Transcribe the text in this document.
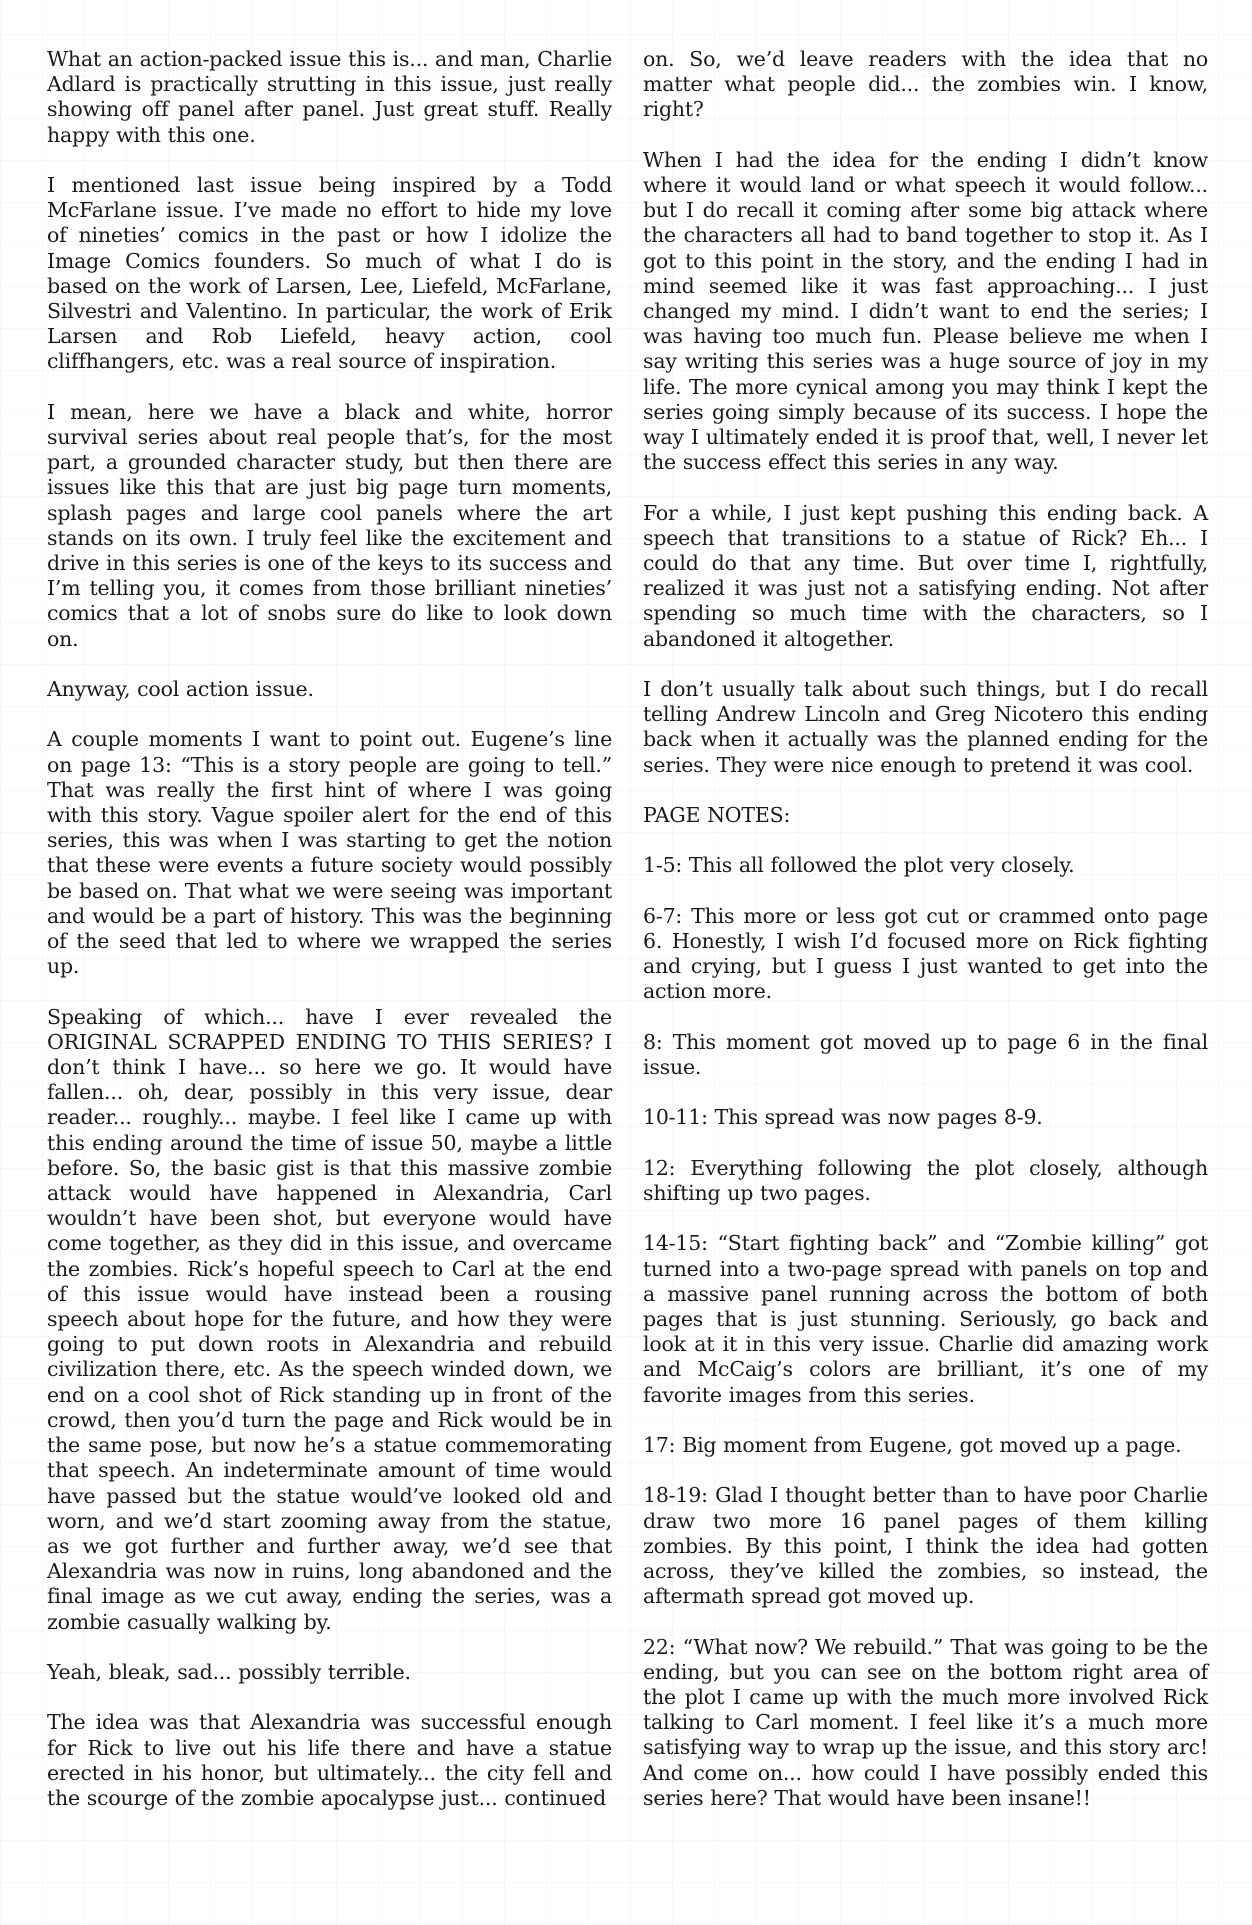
What an action-packed issue this is... and man, Charlie Adlard is practically strutting in this issue, just really showing off panel after panel. Just great stuff. Really happy with this one.

I mentioned last issue being inspired by a Todd McFarlane issue. I’ve made no effort to hide my love of nineties’ comics in the past or how I idolize the Image Comics founders. So much of what I do is based on the work of Larsen, Lee, Liefeld, McFarlane, Silvestri and Valentino. In particular, the work of Erik Larsen and Rob Liefeld, heavy action, cool cliffhangers, etc. was a real source of inspiration.

I mean, here we have a black and white, horror survival series about real people that’s, for the most part, a grounded character study, but then there are issues like this that are just big page turn moments, splash pages and large cool panels where the art stands on its own. I truly feel like the excitement and drive in this series is one of the keys to its success and I’m telling you, it comes from those brilliant nineties’ comics that a lot of snobs sure do like to look down on.

Anyway, cool action issue.

A couple moments I want to point out. Eugene’s line on page 13: “This is a story people are going to tell.” That was really the first hint of where I was going with this story. Vague spoiler alert for the end of this series, this was when I was starting to get the notion that these were events a future society would possibly be based on. That what we were seeing was important and would be a part of history. This was the beginning of the seed that led to where we wrapped the series up.

Speaking of which... have I ever revealed the ORIGINAL SCRAPPED ENDING TO THIS SERIES? I don’t think I have... so here we go. It would have fallen... oh, dear, possibly in this very issue, dear reader... roughly... maybe. I feel like I came up with this ending around the time of issue 50, maybe a little before. So, the basic gist is that this massive zombie attack would have happened in Alexandria, Carl wouldn’t have been shot, but everyone would have come together, as they did in this issue, and overcame the zombies. Rick’s hopeful speech to Carl at the end of this issue would have instead been a rousing speech about hope for the future, and how they were going to put down roots in Alexandria and rebuild civilization there, etc. As the speech winded down, we end on a cool shot of Rick standing up in front of the crowd, then you’d turn the page and Rick would be in the same pose, but now he’s a statue commemorating that speech. An indeterminate amount of time would have passed but the statue would’ve looked old and worn, and we’d start zooming away from the statue, as we got further and further away, we’d see that Alexandria was now in ruins, long abandoned and the final image as we cut away, ending the series, was a zombie casually walking by.

Yeah, bleak, sad... possibly terrible.

The idea was that Alexandria was successful enough for Rick to live out his life there and have a statue erected in his honor, but ultimately... the city fell and the scourge of the zombie apocalypse just... continued

on. So, we’d leave readers with the idea that no matter what people did... the zombies win. I know, right?

When I had the idea for the ending I didn’t know where it would land or what speech it would follow... but I do recall it coming after some big attack where the characters all had to band together to stop it. As I got to this point in the story, and the ending I had in mind seemed like it was fast approaching... I just changed my mind. I didn’t want to end the series; I was having too much fun. Please believe me when I say writing this series was a huge source of joy in my life. The more cynical among you may think I kept the series going simply because of its success. I hope the way I ultimately ended it is proof that, well, I never let the success effect this series in any way.

For a while, I just kept pushing this ending back. A speech that transitions to a statue of Rick? Eh... I could do that any time. But over time I, rightfully, realized it was just not a satisfying ending. Not after spending so much time with the characters, so I abandoned it altogether.

I don’t usually talk about such things, but I do recall telling Andrew Lincoln and Greg Nicotero this ending back when it actually was the planned ending for the series. They were nice enough to pretend it was cool.

PAGE NOTES:

1-5: This all followed the plot very closely.

6-7: This more or less got cut or crammed onto page 6. Honestly, I wish I’d focused more on Rick fighting and crying, but I guess I just wanted to get into the action more.

8: This moment got moved up to page 6 in the final issue.

10-11: This spread was now pages 8-9.

12: Everything following the plot closely, although shifting up two pages.

14-15: “Start fighting back” and “Zombie killing” got turned into a two-page spread with panels on top and a massive panel running across the bottom of both pages that is just stunning. Seriously, go back and look at it in this very issue. Charlie did amazing work and McCaig’s colors are brilliant, it’s one of my favorite images from this series.

17: Big moment from Eugene, got moved up a page.

18-19: Glad I thought better than to have poor Charlie draw two more 16 panel pages of them killing zombies. By this point, I think the idea had gotten across, they’ve killed the zombies, so instead, the aftermath spread got moved up.

22: “What now? We rebuild.” That was going to be the ending, but you can see on the bottom right area of the plot I came up with the much more involved Rick talking to Carl moment. I feel like it’s a much more satisfying way to wrap up the issue, and this story arc! And come on... how could I have possibly ended this series here? That would have been insane!!
